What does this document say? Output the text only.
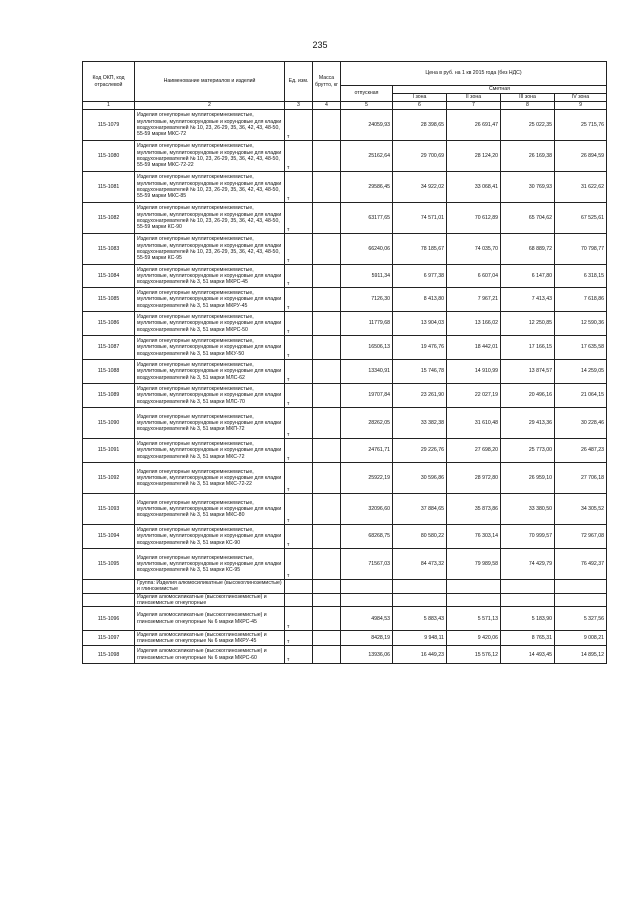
235
Код ОКП, код отраслевой	Наименование материалов и изделий	Ед. изм.	Масса брутто, кг	Цена в руб. на 1 кв 2015 года (без НДС)				
				отпускная	Сметная			
					I зона	II зона	III зона	IV зона
1	2	3	4	5	6	7	8	9
115-1079	Изделия огнеупорные муллитокремнеземистые, муллитовые, муллитокорундовые и корундовые для кладки воздухонагревателей № 10, 23, 26-29, 35, 36, 42, 43, 48-50, 55-59 марки МКС-72	т		24059,93	28 398,65	26 691,47	25 022,35	25 715,76
115-1080	Изделия огнеупорные муллитокремнеземистые, муллитовые, муллитокорундовые и корундовые для кладки воздухонагревателей № 10, 23, 26-29, 35, 36, 42, 43, 48-50, 55-59 марки МКС-72-22	т		25162,64	29 700,69	28 124,20	26 169,38	26 894,59
115-1081	Изделия огнеупорные муллитокремнеземистые, муллитовые, муллитокорундовые и корундовые для кладки воздухонагревателей № 10, 23, 26-29, 35, 36, 42, 43, 48-50, 55-59 марки МКС-85	т		29586,45	34 922,02	33 068,41	30 769,93	31 622,62
115-1082	Изделия огнеупорные муллитокремнеземистые, муллитовые, муллитокорундовые и корундовые для кладки воздухонагревателей № 10, 23, 26-29, 35, 36, 42, 43, 48-50, 55-59 марки КС-90	т		63177,65	74 571,01	70 612,89	65 704,62	67 525,61
115-1083	Изделия огнеупорные муллитокремнеземистые, муллитовые, муллитокорундовые и корундовые для кладки воздухонагревателей № 10, 23, 26-29, 35, 36, 42, 43, 48-50, 55-59 марки КС-95	т		66240,06	78 185,67	74 035,70	68 889,72	70 798,77
115-1084	Изделия огнеупорные муллитокремнеземистые, муллитовые, муллитокорундовые и корундовые для кладки воздухонагревателей № 3, 51 марки МКРС-45	т		5911,34	6 977,38	6 607,04	6 147,80	6 318,15
115-1085	Изделия огнеупорные муллитокремнеземистые, муллитовые, муллитокорундовые и корундовые для кладки воздухонагревателей № 3, 51 марки МКРУ-45	т		7126,30	8 413,80	7 967,21	7 413,43	7 618,86
115-1086	Изделия огнеупорные муллитокремнеземистые, муллитовые, муллитокорундовые и корундовые для кладки воздухонагревателей № 3, 51 марки МКРС-50	т		11779,68	13 904,03	13 166,02	12 250,85	12 590,36
115-1087	Изделия огнеупорные муллитокремнеземистые, муллитовые, муллитокорундовые и корундовые для кладки воздухонагревателей № 3, 51 марки МКУ-50	т		16506,13	19 476,76	18 442,01	17 166,15	17 635,58
115-1088	Изделия огнеупорные муллитокремнеземистые, муллитовые, муллитокорундовые и корундовые для кладки воздухонагревателей № 3, 51 марки МЛС-62	т		13340,91	15 746,78	14 910,99	13 874,57	14 259,05
115-1089	Изделия огнеупорные муллитокремнеземистые, муллитовые, муллитокорундовые и корундовые для кладки воздухонагревателей № 3, 51 марки МЛС-70	т		19707,84	23 261,90	22 027,19	20 496,16	21 064,15
115-1090	Изделия огнеупорные муллитокремнеземистые, муллитовые, муллитокорундовые и корундовые для кладки воздухонагревателей № 3, 51 марки МКП-72	т		28262,05	33 382,38	31 610,48	29 413,36	30 228,46
115-1091	Изделия огнеупорные муллитокремнеземистые, муллитовые, муллитокорундовые и корундовые для кладки воздухонагревателей № 3, 51 марки МКС-72	т		24761,71	29 226,76	27 698,20	25 773,00	26 487,23
115-1092	Изделия огнеупорные муллитокремнеземистые, муллитовые, муллитокорундовые и корундовые для кладки воздухонагревателей № 3, 51 марки МКС-72-22	т		25922,19	30 596,86	28 972,80	26 959,10	27 706,18
115-1093	Изделия огнеупорные муллитокремнеземистые, муллитовые, муллитокорундовые и корундовые для кладки воздухонагревателей № 3, 51 марки МКС-80	т		32096,60	37 884,65	35 873,86	33 380,50	34 305,52
115-1094	Изделия огнеупорные муллитокремнеземистые, муллитовые, муллитокорундовые и корундовые для кладки воздухонагревателей № 3, 51 марки КС-90	т		68268,75	80 580,22	76 303,14	70 999,57	72 967,08
115-1095	Изделия огнеупорные муллитокремнеземистые, муллитовые, муллитокорундовые и корундовые для кладки воздухонагревателей № 3, 51 марки КС-95	т		71567,03	84 473,32	79 989,58	74 429,79	76 492,37
	Группа: Изделия алюмосиликатные (высокоглиноземистые) и глиноземистые							
	Изделия алюмосиликатные (высокоглиноземистые) и глиноземистые огнеупорные							
115-1096	Изделия алюмосиликатные (высокоглиноземистые) и глиноземистые огнеупорные № 6 марки МКРС-45	т		4984,53	5 883,43	5 571,13	5 183,90	5 327,56
115-1097	Изделия алюмосиликатные (высокоглиноземистые) и глиноземистые огнеупорные № 6 марки МКРУ-45	т		8428,19	9 948,11	9 420,06	8 765,31	9 008,21
115-1098	Изделия алюмосиликатные (высокоглиноземистые) и глиноземистые огнеупорные № 6 марки МКРС-60	т		13936,06	16 449,23	15 576,12	14 493,45	14 895,12
